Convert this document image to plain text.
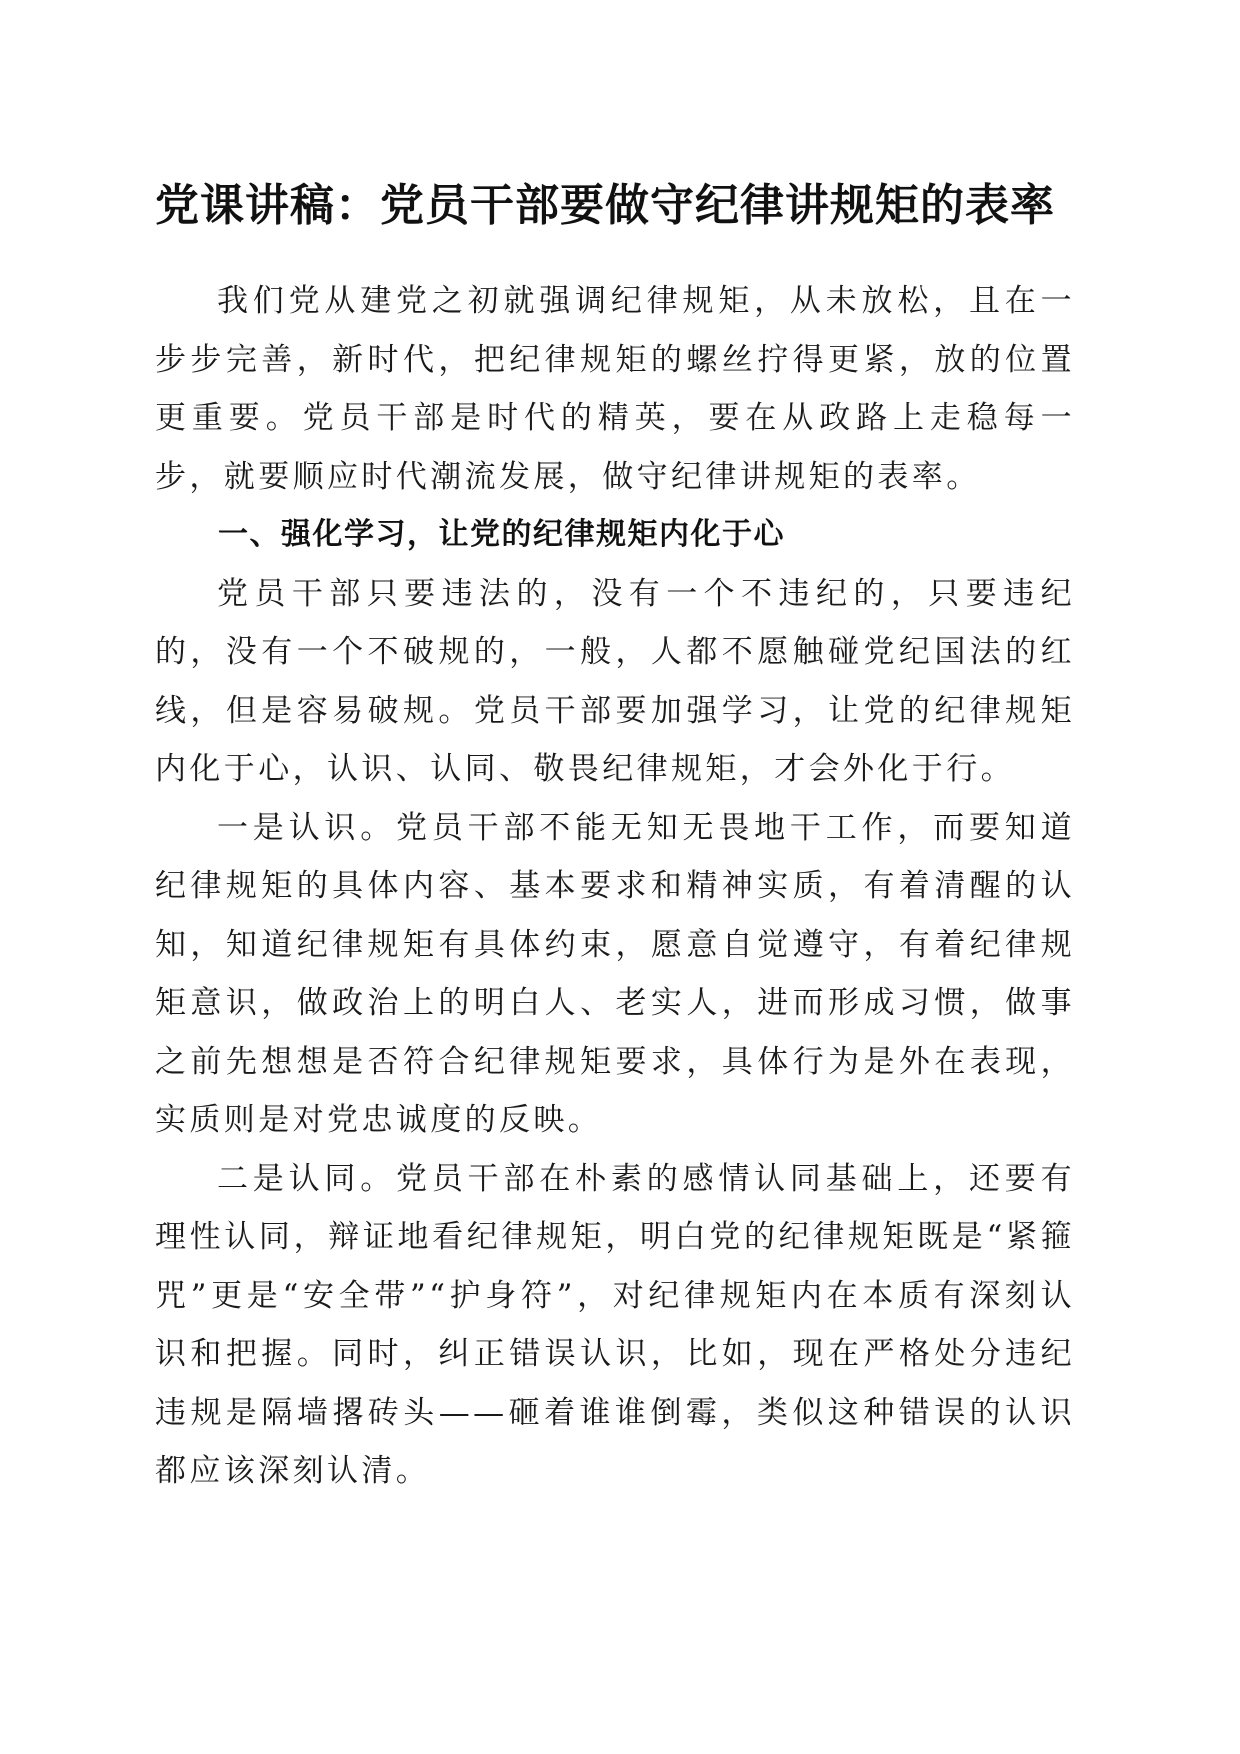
党课讲稿：党员干部要做守纪律讲规矩的表率

我们党从建党之初就强调纪律规矩，从未放松，且在一步步完善，新时代，把纪律规矩的螺丝拧得更紧，放的位置更重要。党员干部是时代的精英，要在从政路上走稳每一步，就要顺应时代潮流发展，做守纪律讲规矩的表率。

一、强化学习，让党的纪律规矩内化于心

党员干部只要违法的，没有一个不违纪的，只要违纪的，没有一个不破规的，一般，人都不愿触碰党纪国法的红线，但是容易破规。党员干部要加强学习，让党的纪律规矩内化于心，认识、认同、敬畏纪律规矩，才会外化于行。

一是认识。党员干部不能无知无畏地干工作，而要知道纪律规矩的具体内容、基本要求和精神实质，有着清醒的认知，知道纪律规矩有具体约束，愿意自觉遵守，有着纪律规矩意识，做政治上的明白人、老实人，进而形成习惯，做事之前先想想是否符合纪律规矩要求，具体行为是外在表现，实质则是对党忠诚度的反映。

二是认同。党员干部在朴素的感情认同基础上，还要有理性认同，辩证地看纪律规矩，明白党的纪律规矩既是“紧箍咒”更是“安全带”“护身符”，对纪律规矩内在本质有深刻认识和把握。同时，纠正错误认识，比如，现在严格处分违纪违规是隔墙撂砖头——砸着谁谁倒霉，类似这种错误的认识都应该深刻认清。
